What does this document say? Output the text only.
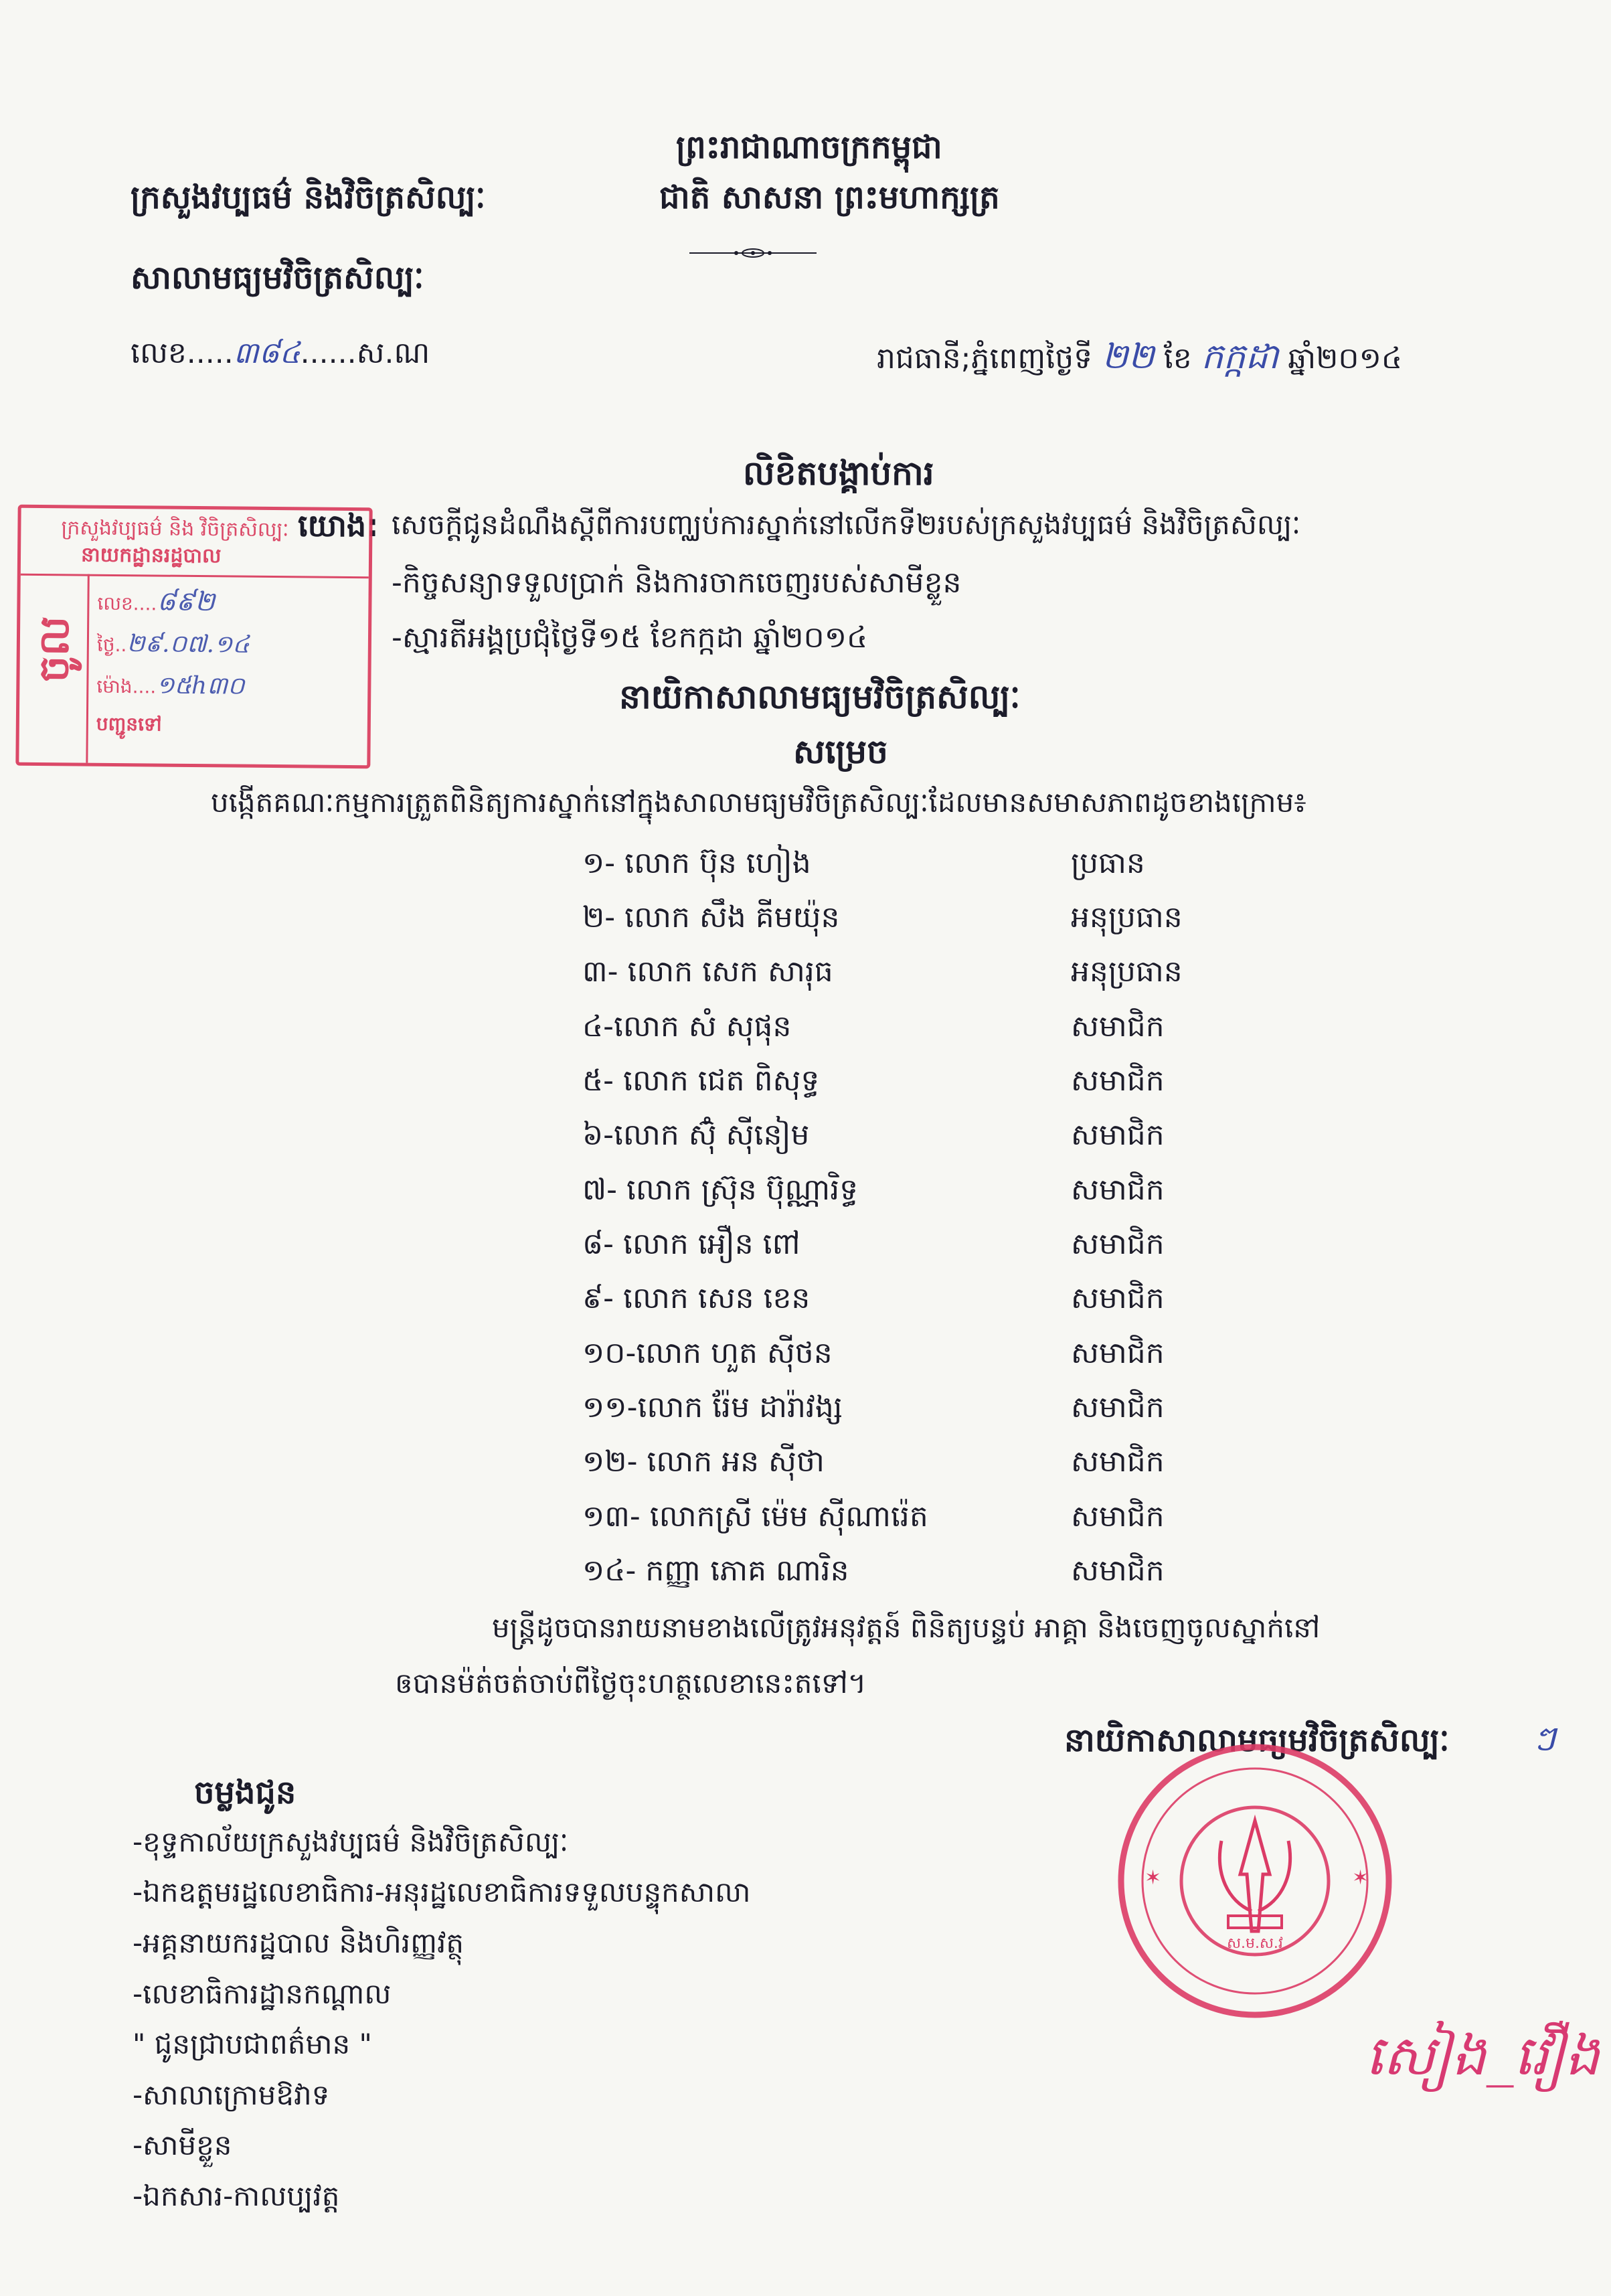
ព្រះរាជាណាចក្រកម្ពុជា
ក្រសួងវប្បធម៌ និងវិចិត្រសិល្បៈ	ជាតិ សាសនា ព្រះមហាក្សត្រ
សាលាមធ្យមវិចិត្រសិល្បៈ
លេខ.....៣៨៤......ស.ណ	រាជធានី;ភ្នំពេញថ្ងៃទី ២២ ខែ កក្កដា ឆ្នាំ២០១៤
លិខិតបង្គាប់ការ
យោង: សេចក្ដីជូនដំណឹងស្ដីពីការបញ្ឈប់ការស្នាក់នៅលើកទី២របស់ក្រសួងវប្បធម៌ និងវិចិត្រសិល្បៈ
-កិច្ចសន្យាទទួលប្រាក់ និងការចាកចេញរបស់សាមីខ្លួន
-ស្មារតីអង្គប្រជុំថ្ងៃទី១៥ ខែកក្កដា ឆ្នាំ២០១៤
ក្រសួងវប្បធម៌ និង វិចិត្រសិល្បៈ
នាយកដ្ឋានរដ្ឋបាល
ចូល
លេខ....៨៩២
ថ្ងៃ..២៩.០៧.១៤
ម៉ោង....១៥h៣០
បញ្ជូនទៅ
នាយិកាសាលាមធ្យមវិចិត្រសិល្បៈ
សម្រេច
បង្កើតគណៈកម្មការត្រួតពិនិត្យការស្នាក់នៅក្នុងសាលាមធ្យមវិចិត្រសិល្បៈដែលមានសមាសភាពដូចខាងក្រោម៖
១- លោក ប៊ុន ហៀង	ប្រធាន
២- លោក សឹង គីមយ៉ុន	អនុប្រធាន
៣- លោក សេក សារុធ	អនុប្រធាន
៤-លោក សំ សុផុន	សមាជិក
៥- លោក ជេត ពិសុទ្ធ	សមាជិក
៦-លោក ស៊ុំ ស៊ីនៀម	សមាជិក
៧- លោក ស្រ៊ុន ប៊ុណ្ណារិទ្ធ	សមាជិក
៨- លោក អឿន ពៅ	សមាជិក
៩- លោក សេន ខេន	សមាជិក
១០-លោក ហួត ស៊ីថន	សមាជិក
១១-លោក រ៉ែម ដារ៉ាវង្ស	សមាជិក
១២- លោក អន ស៊ីថា	សមាជិក
១៣- លោកស្រី ម៉េម ស៊ីណារ៉េត	សមាជិក
១៤- កញ្ញា ភោគ ណារិន	សមាជិក
មន្ត្រីដូចបានរាយនាមខាងលើត្រូវអនុវត្តន៍ ពិនិត្យបន្ទប់ អាគ្គា និងចេញចូលស្នាក់នៅ
ឲបានម៉ត់ចត់ចាប់ពីថ្ងៃចុះហត្ថលេខានេះតទៅ។
នាយិកាសាលាមធ្យមវិចិត្រសិល្បៈ ៗ
ស.ម.ស.វ
✶	✶
សៀង_វឿង
ចម្លងជូន
-ខុទ្ទកាល័យក្រសួងវប្បធម៌ និងវិចិត្រសិល្បៈ
-ឯកឧត្តមរដ្ឋលេខាធិការ-អនុរដ្ឋលេខាធិការទទួលបន្ទុកសាលា
-អគ្គនាយករដ្ឋបាល និងហិរញ្ញវត្ថុ
-លេខាធិការដ្ឋានកណ្ដាល
" ជូនជ្រាបជាពត៌មាន "
-សាលាក្រោមឱវាទ
-សាមីខ្លួន
-ឯកសារ-កាលប្បវត្ត
